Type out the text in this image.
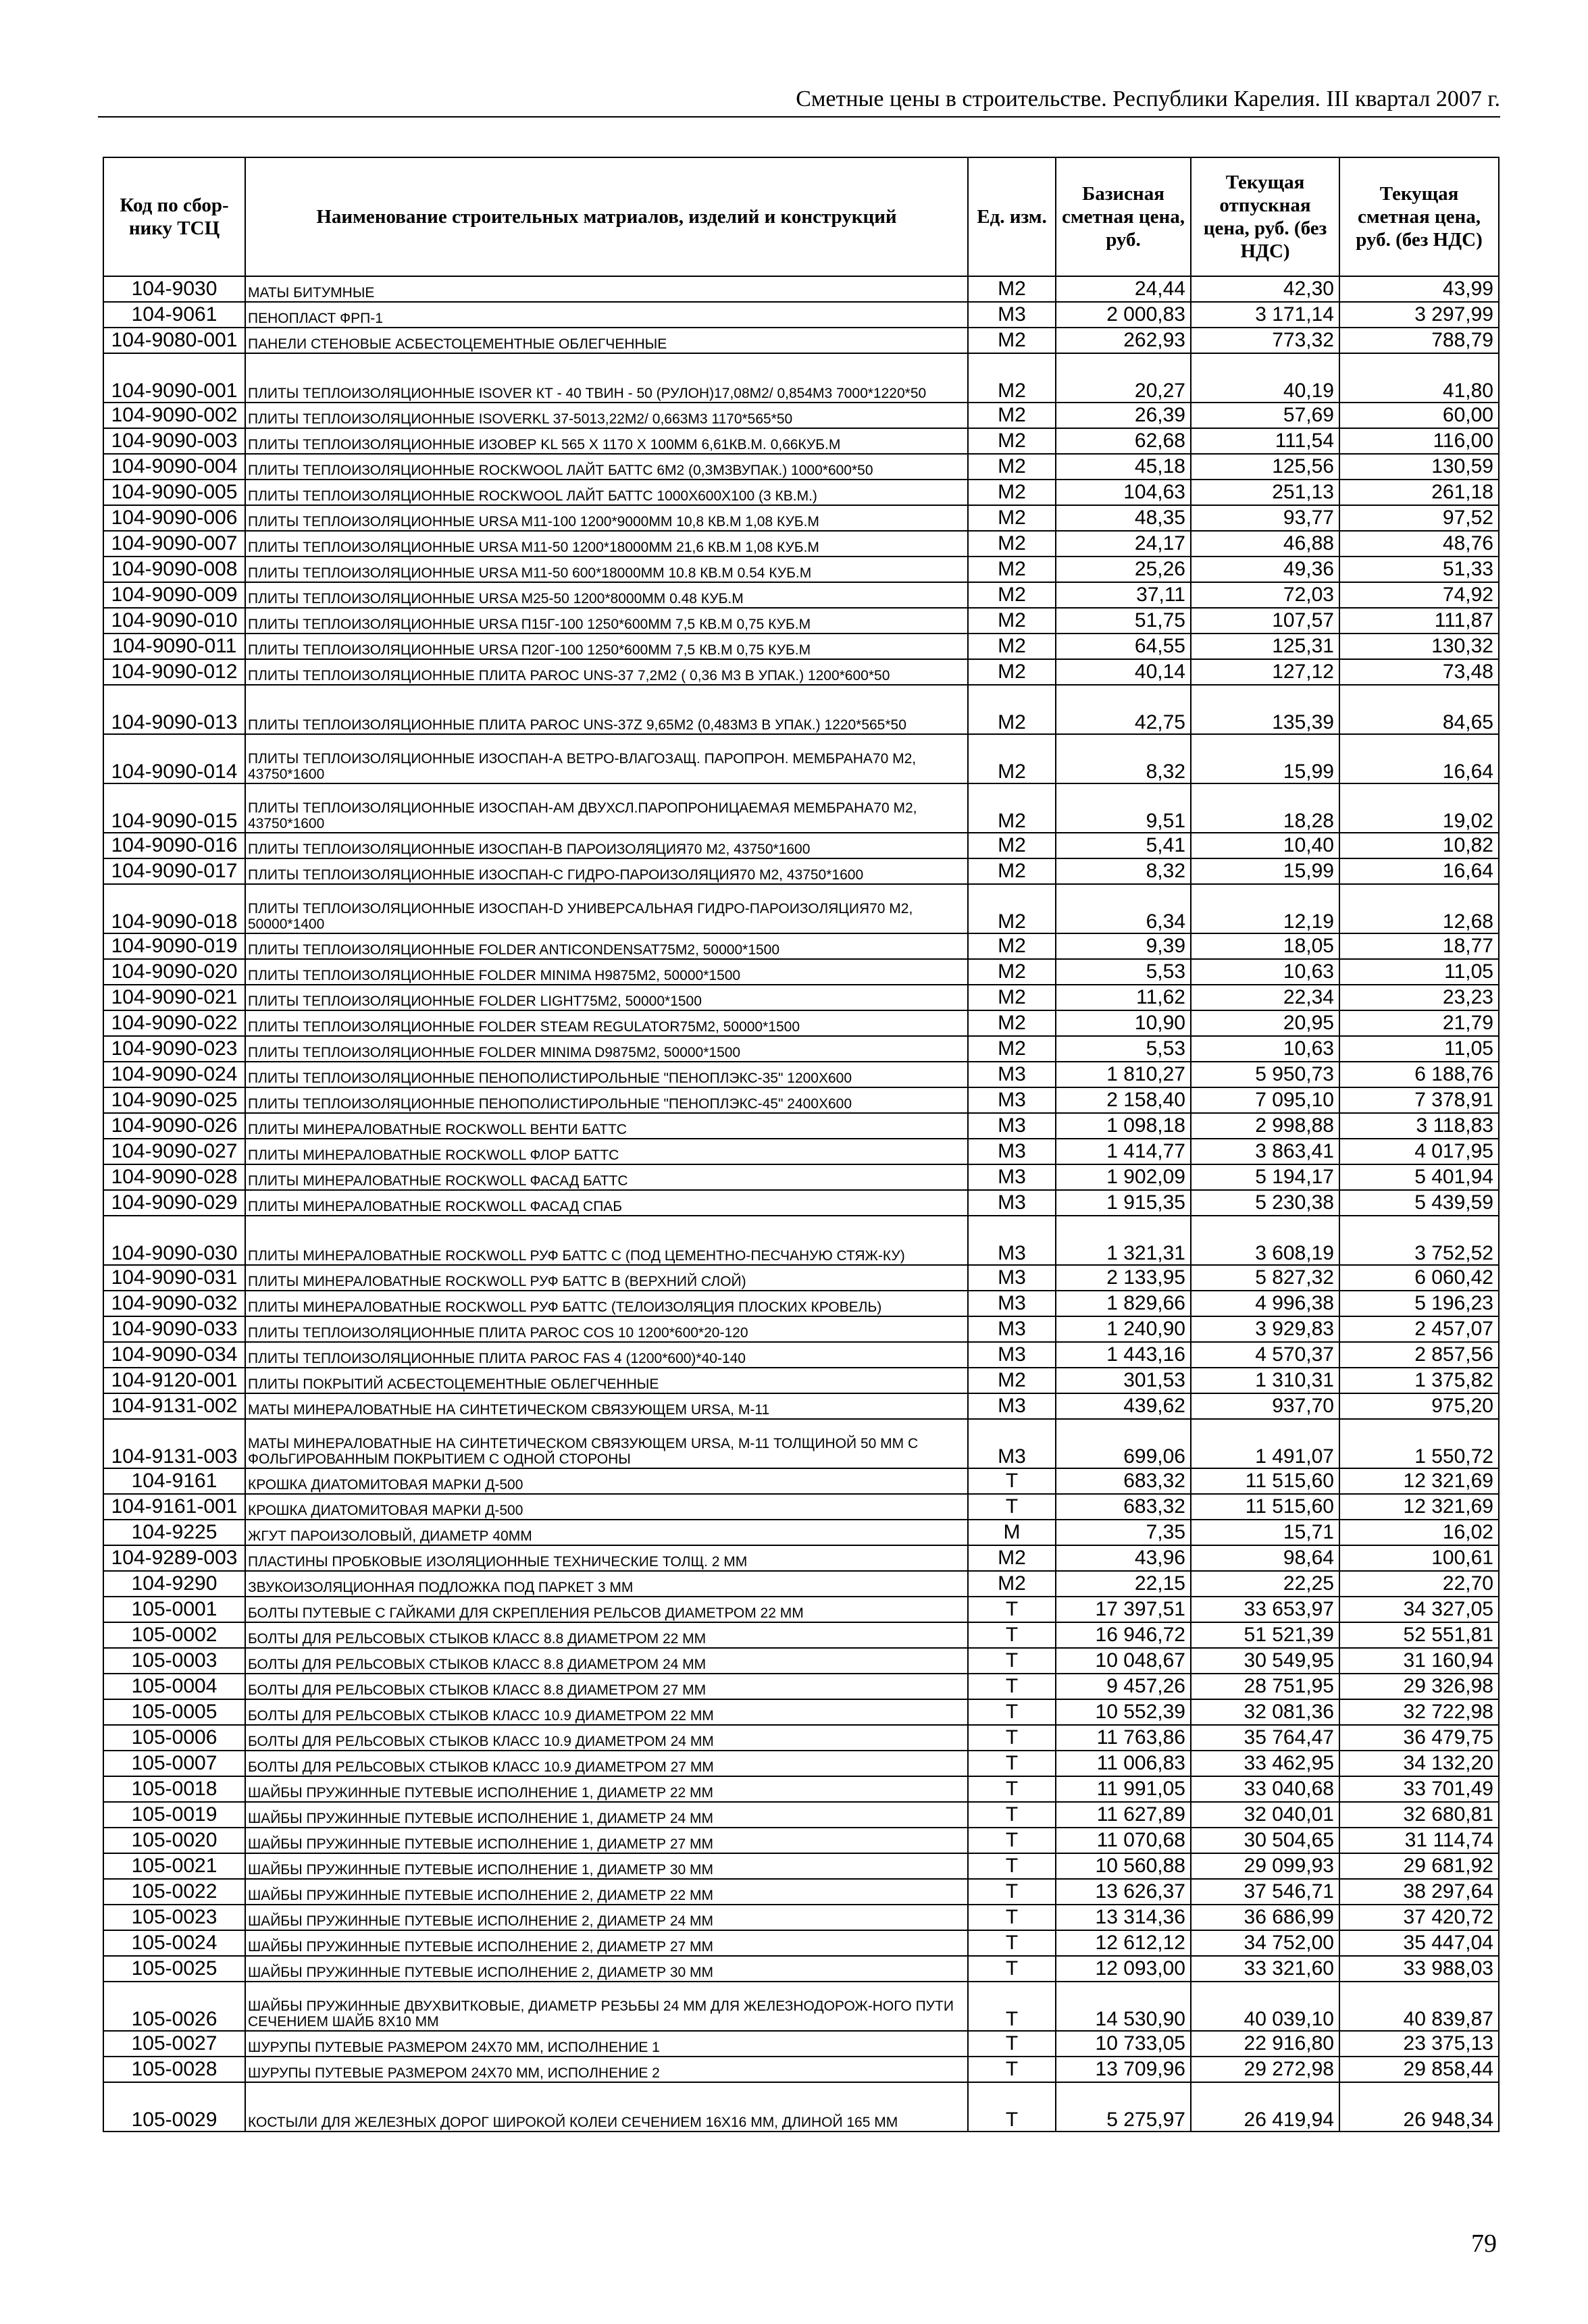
Сметные цены в строительстве. Республики Карелия. III квартал 2007 г.
Код по сбор-нику ТСЦ	Наименование строительных матриалов, изделий и конструкций	Ед. изм.	Базисная сметная цена, руб.	Текущая отпускная цена, руб. (без НДС)	Текущая сметная цена, руб. (без НДС)
104-9030	МАТЫ БИТУМНЫЕ	М2	24,44	42,30	43,99
104-9061	ПЕНОПЛАСТ ФРП-1	М3	2 000,83	3 171,14	3 297,99
104-9080-001	ПАНЕЛИ СТЕНОВЫЕ АСБЕСТОЦЕМЕНТНЫЕ ОБЛЕГЧЕННЫЕ	М2	262,93	773,32	788,79
104-9090-001	ПЛИТЫ ТЕПЛОИЗОЛЯЦИОННЫЕ ISOVER КТ - 40 ТВИН - 50 (РУЛОН)17,08М2/ 0,854М3 7000*1220*50	М2	20,27	40,19	41,80
104-9090-002	ПЛИТЫ ТЕПЛОИЗОЛЯЦИОННЫЕ ISOVERKL 37-5013,22М2/ 0,663М3 1170*565*50	М2	26,39	57,69	60,00
104-9090-003	ПЛИТЫ ТЕПЛОИЗОЛЯЦИОННЫЕ ИЗОВЕР KL 565 X 1170 X 100ММ 6,61КВ.М. 0,66КУБ.М	М2	62,68	111,54	116,00
104-9090-004	ПЛИТЫ ТЕПЛОИЗОЛЯЦИОННЫЕ ROCKWOOL ЛАЙТ БАТТС 6М2 (0,3М3ВУПАК.) 1000*600*50	М2	45,18	125,56	130,59
104-9090-005	ПЛИТЫ ТЕПЛОИЗОЛЯЦИОННЫЕ ROCKWOOL ЛАЙТ БАТТС 1000X600X100 (3 КВ.М.)	М2	104,63	251,13	261,18
104-9090-006	ПЛИТЫ ТЕПЛОИЗОЛЯЦИОННЫЕ URSA М11-100 1200*9000ММ 10,8 КВ.М 1,08 КУБ.М	М2	48,35	93,77	97,52
104-9090-007	ПЛИТЫ ТЕПЛОИЗОЛЯЦИОННЫЕ URSA М11-50 1200*18000ММ 21,6 КВ.М 1,08 КУБ.М	М2	24,17	46,88	48,76
104-9090-008	ПЛИТЫ ТЕПЛОИЗОЛЯЦИОННЫЕ URSA М11-50 600*18000ММ 10.8 КВ.М 0.54 КУБ.М	М2	25,26	49,36	51,33
104-9090-009	ПЛИТЫ ТЕПЛОИЗОЛЯЦИОННЫЕ URSA М25-50 1200*8000ММ 0.48 КУБ.М	М2	37,11	72,03	74,92
104-9090-010	ПЛИТЫ ТЕПЛОИЗОЛЯЦИОННЫЕ URSA П15Г-100 1250*600ММ 7,5 КВ.М 0,75 КУБ.М	М2	51,75	107,57	111,87
104-9090-011	ПЛИТЫ ТЕПЛОИЗОЛЯЦИОННЫЕ URSA П20Г-100 1250*600ММ 7,5 КВ.М 0,75 КУБ.М	М2	64,55	125,31	130,32
104-9090-012	ПЛИТЫ ТЕПЛОИЗОЛЯЦИОННЫЕ ПЛИТА PAROC UNS-37 7,2М2 ( 0,36 М3 В УПАК.) 1200*600*50	М2	40,14	127,12	73,48
104-9090-013	ПЛИТЫ ТЕПЛОИЗОЛЯЦИОННЫЕ ПЛИТА PAROC UNS-37Z 9,65М2 (0,483М3 В УПАК.) 1220*565*50	М2	42,75	135,39	84,65
104-9090-014	ПЛИТЫ ТЕПЛОИЗОЛЯЦИОННЫЕ ИЗОСПАН-А ВЕТРО-ВЛАГОЗАЩ. ПАРОПРОН. МЕМБРАНА70 М2, 43750*1600	М2	8,32	15,99	16,64
104-9090-015	ПЛИТЫ ТЕПЛОИЗОЛЯЦИОННЫЕ ИЗОСПАН-АМ ДВУХСЛ.ПАРОПРОНИЦАЕМАЯ МЕМБРАНА70 М2, 43750*1600	М2	9,51	18,28	19,02
104-9090-016	ПЛИТЫ ТЕПЛОИЗОЛЯЦИОННЫЕ ИЗОСПАН-В ПАРОИЗОЛЯЦИЯ70 М2, 43750*1600	М2	5,41	10,40	10,82
104-9090-017	ПЛИТЫ ТЕПЛОИЗОЛЯЦИОННЫЕ ИЗОСПАН-С ГИДРО-ПАРОИЗОЛЯЦИЯ70 М2, 43750*1600	М2	8,32	15,99	16,64
104-9090-018	ПЛИТЫ ТЕПЛОИЗОЛЯЦИОННЫЕ ИЗОСПАН-D УНИВЕРСАЛЬНАЯ ГИДРО-ПАРОИЗОЛЯЦИЯ70 М2, 50000*1400	М2	6,34	12,19	12,68
104-9090-019	ПЛИТЫ ТЕПЛОИЗОЛЯЦИОННЫЕ FOLDER ANTICONDENSAT75М2, 50000*1500	М2	9,39	18,05	18,77
104-9090-020	ПЛИТЫ ТЕПЛОИЗОЛЯЦИОННЫЕ FOLDER MINIMA H9875М2, 50000*1500	М2	5,53	10,63	11,05
104-9090-021	ПЛИТЫ ТЕПЛОИЗОЛЯЦИОННЫЕ FOLDER LIGHT75М2, 50000*1500	М2	11,62	22,34	23,23
104-9090-022	ПЛИТЫ ТЕПЛОИЗОЛЯЦИОННЫЕ FOLDER STEAM REGULATOR75М2, 50000*1500	М2	10,90	20,95	21,79
104-9090-023	ПЛИТЫ ТЕПЛОИЗОЛЯЦИОННЫЕ FOLDER MINIMA D9875М2, 50000*1500	М2	5,53	10,63	11,05
104-9090-024	ПЛИТЫ ТЕПЛОИЗОЛЯЦИОННЫЕ ПЕНОПОЛИСТИРОЛЬНЫЕ "ПЕНОПЛЭКС-35" 1200X600	М3	1 810,27	5 950,73	6 188,76
104-9090-025	ПЛИТЫ ТЕПЛОИЗОЛЯЦИОННЫЕ ПЕНОПОЛИСТИРОЛЬНЫЕ "ПЕНОПЛЭКС-45" 2400X600	М3	2 158,40	7 095,10	7 378,91
104-9090-026	ПЛИТЫ МИНЕРАЛОВАТНЫЕ ROCKWOLL ВЕНТИ БАТТС	М3	1 098,18	2 998,88	3 118,83
104-9090-027	ПЛИТЫ МИНЕРАЛОВАТНЫЕ ROCKWOLL ФЛОР БАТТС	М3	1 414,77	3 863,41	4 017,95
104-9090-028	ПЛИТЫ МИНЕРАЛОВАТНЫЕ ROCKWOLL ФАСАД БАТТС	М3	1 902,09	5 194,17	5 401,94
104-9090-029	ПЛИТЫ МИНЕРАЛОВАТНЫЕ ROCKWOLL ФАСАД СПАБ	М3	1 915,35	5 230,38	5 439,59
104-9090-030	ПЛИТЫ МИНЕРАЛОВАТНЫЕ ROCKWOLL РУФ БАТТС С (ПОД ЦЕМЕНТНО-ПЕСЧАНУЮ СТЯЖ-КУ)	М3	1 321,31	3 608,19	3 752,52
104-9090-031	ПЛИТЫ МИНЕРАЛОВАТНЫЕ ROCKWOLL РУФ БАТТС В (ВЕРХНИЙ СЛОЙ)	М3	2 133,95	5 827,32	6 060,42
104-9090-032	ПЛИТЫ МИНЕРАЛОВАТНЫЕ ROCKWOLL РУФ БАТТС (ТЕЛОИЗОЛЯЦИЯ ПЛОСКИХ КРОВЕЛЬ)	М3	1 829,66	4 996,38	5 196,23
104-9090-033	ПЛИТЫ ТЕПЛОИЗОЛЯЦИОННЫЕ ПЛИТА PAROC COS 10 1200*600*20-120	М3	1 240,90	3 929,83	2 457,07
104-9090-034	ПЛИТЫ ТЕПЛОИЗОЛЯЦИОННЫЕ ПЛИТА PAROC FAS 4 (1200*600)*40-140	М3	1 443,16	4 570,37	2 857,56
104-9120-001	ПЛИТЫ ПОКРЫТИЙ АСБЕСТОЦЕМЕНТНЫЕ ОБЛЕГЧЕННЫЕ	М2	301,53	1 310,31	1 375,82
104-9131-002	МАТЫ МИНЕРАЛОВАТНЫЕ НА СИНТЕТИЧЕСКОМ СВЯЗУЮЩЕМ URSA, М-11	М3	439,62	937,70	975,20
104-9131-003	МАТЫ МИНЕРАЛОВАТНЫЕ НА СИНТЕТИЧЕСКОМ СВЯЗУЮЩЕМ URSA, М-11 ТОЛЩИНОЙ 50 ММ С ФОЛЬГИРОВАННЫМ ПОКРЫТИЕМ С ОДНОЙ СТОРОНЫ	М3	699,06	1 491,07	1 550,72
104-9161	КРОШКА ДИАТОМИТОВАЯ МАРКИ Д-500	Т	683,32	11 515,60	12 321,69
104-9161-001	КРОШКА ДИАТОМИТОВАЯ МАРКИ Д-500	Т	683,32	11 515,60	12 321,69
104-9225	ЖГУТ ПАРОИЗОЛОВЫЙ, ДИАМЕТР 40ММ	М	7,35	15,71	16,02
104-9289-003	ПЛАСТИНЫ ПРОБКОВЫЕ ИЗОЛЯЦИОННЫЕ ТЕХНИЧЕСКИЕ ТОЛЩ. 2 ММ	М2	43,96	98,64	100,61
104-9290	ЗВУКОИЗОЛЯЦИОННАЯ ПОДЛОЖКА ПОД ПАРКЕТ 3 ММ	М2	22,15	22,25	22,70
105-0001	БОЛТЫ ПУТЕВЫЕ С ГАЙКАМИ ДЛЯ СКРЕПЛЕНИЯ РЕЛЬСОВ ДИАМЕТРОМ 22 ММ	Т	17 397,51	33 653,97	34 327,05
105-0002	БОЛТЫ ДЛЯ РЕЛЬСОВЫХ СТЫКОВ КЛАСС 8.8 ДИАМЕТРОМ 22 ММ	Т	16 946,72	51 521,39	52 551,81
105-0003	БОЛТЫ ДЛЯ РЕЛЬСОВЫХ СТЫКОВ КЛАСС 8.8 ДИАМЕТРОМ 24 ММ	Т	10 048,67	30 549,95	31 160,94
105-0004	БОЛТЫ ДЛЯ РЕЛЬСОВЫХ СТЫКОВ КЛАСС 8.8 ДИАМЕТРОМ 27 ММ	Т	9 457,26	28 751,95	29 326,98
105-0005	БОЛТЫ ДЛЯ РЕЛЬСОВЫХ СТЫКОВ КЛАСС 10.9 ДИАМЕТРОМ 22 ММ	Т	10 552,39	32 081,36	32 722,98
105-0006	БОЛТЫ ДЛЯ РЕЛЬСОВЫХ СТЫКОВ КЛАСС 10.9 ДИАМЕТРОМ 24 ММ	Т	11 763,86	35 764,47	36 479,75
105-0007	БОЛТЫ ДЛЯ РЕЛЬСОВЫХ СТЫКОВ КЛАСС 10.9 ДИАМЕТРОМ 27 ММ	Т	11 006,83	33 462,95	34 132,20
105-0018	ШАЙБЫ ПРУЖИННЫЕ ПУТЕВЫЕ ИСПОЛНЕНИЕ 1, ДИАМЕТР 22 ММ	Т	11 991,05	33 040,68	33 701,49
105-0019	ШАЙБЫ ПРУЖИННЫЕ ПУТЕВЫЕ ИСПОЛНЕНИЕ 1, ДИАМЕТР 24 ММ	Т	11 627,89	32 040,01	32 680,81
105-0020	ШАЙБЫ ПРУЖИННЫЕ ПУТЕВЫЕ ИСПОЛНЕНИЕ 1, ДИАМЕТР 27 ММ	Т	11 070,68	30 504,65	31 114,74
105-0021	ШАЙБЫ ПРУЖИННЫЕ ПУТЕВЫЕ ИСПОЛНЕНИЕ 1, ДИАМЕТР 30 ММ	Т	10 560,88	29 099,93	29 681,92
105-0022	ШАЙБЫ ПРУЖИННЫЕ ПУТЕВЫЕ ИСПОЛНЕНИЕ 2, ДИАМЕТР 22 ММ	Т	13 626,37	37 546,71	38 297,64
105-0023	ШАЙБЫ ПРУЖИННЫЕ ПУТЕВЫЕ ИСПОЛНЕНИЕ 2, ДИАМЕТР 24 ММ	Т	13 314,36	36 686,99	37 420,72
105-0024	ШАЙБЫ ПРУЖИННЫЕ ПУТЕВЫЕ ИСПОЛНЕНИЕ 2, ДИАМЕТР 27 ММ	Т	12 612,12	34 752,00	35 447,04
105-0025	ШАЙБЫ ПРУЖИННЫЕ ПУТЕВЫЕ ИСПОЛНЕНИЕ 2, ДИАМЕТР 30 ММ	Т	12 093,00	33 321,60	33 988,03
105-0026	ШАЙБЫ ПРУЖИННЫЕ ДВУХВИТКОВЫЕ, ДИАМЕТР РЕЗЬБЫ 24 ММ ДЛЯ ЖЕЛЕЗНОДОРОЖ-НОГО ПУТИ СЕЧЕНИЕМ ШАЙБ 8Х10 ММ	Т	14 530,90	40 039,10	40 839,87
105-0027	ШУРУПЫ ПУТЕВЫЕ РАЗМЕРОМ 24Х70 ММ, ИСПОЛНЕНИЕ 1	Т	10 733,05	22 916,80	23 375,13
105-0028	ШУРУПЫ ПУТЕВЫЕ РАЗМЕРОМ 24Х70 ММ, ИСПОЛНЕНИЕ 2	Т	13 709,96	29 272,98	29 858,44
105-0029	КОСТЫЛИ ДЛЯ ЖЕЛЕЗНЫХ ДОРОГ ШИРОКОЙ КОЛЕИ СЕЧЕНИЕМ 16Х16 ММ, ДЛИНОЙ 165 ММ	Т	5 275,97	26 419,94	26 948,34
79
